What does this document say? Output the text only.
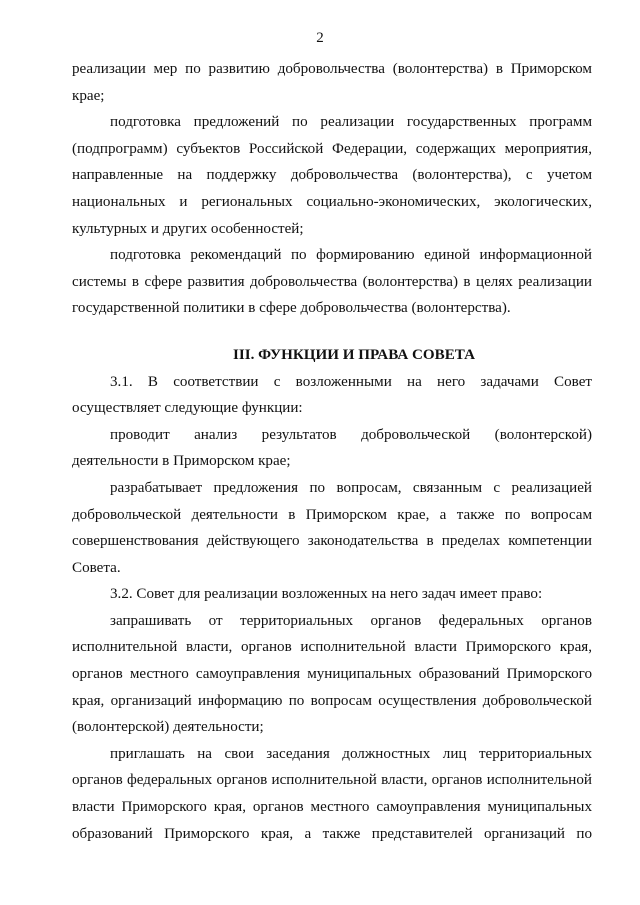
2

реализации мер по развитию добровольчества (волонтерства) в Приморском крае;

подготовка предложений по реализации государственных программ (подпрограмм) субъектов Российской Федерации, содержащих мероприятия, направленные на поддержку добровольчества (волонтерства), с учетом национальных и региональных социально-экономических, экологических, культурных и других особенностей;

подготовка рекомендаций по формированию единой информационной системы в сфере развития добровольчества (волонтерства) в целях реализации государственной политики в сфере добровольчества (волонтерства).

III. ФУНКЦИИ И ПРАВА СОВЕТА

3.1. В соответствии с возложенными на него задачами Совет осуществляет следующие функции:

проводит анализ результатов добровольческой (волонтерской) деятельности в Приморском крае;

разрабатывает предложения по вопросам, связанным с реализацией добровольческой деятельности в Приморском крае, а также по вопросам совершенствования действующего законодательства в пределах компетенции Совета.

3.2. Совет для реализации возложенных на него задач имеет право:

запрашивать от территориальных органов федеральных органов исполнительной власти, органов исполнительной власти Приморского края, органов местного самоуправления муниципальных образований Приморского края, организаций информацию по вопросам осуществления добровольческой (волонтерской) деятельности;

приглашать на свои заседания должностных лиц территориальных органов федеральных органов исполнительной власти, органов исполнительной власти Приморского края, органов местного самоуправления муниципальных образований Приморского края, а также представителей организаций по
